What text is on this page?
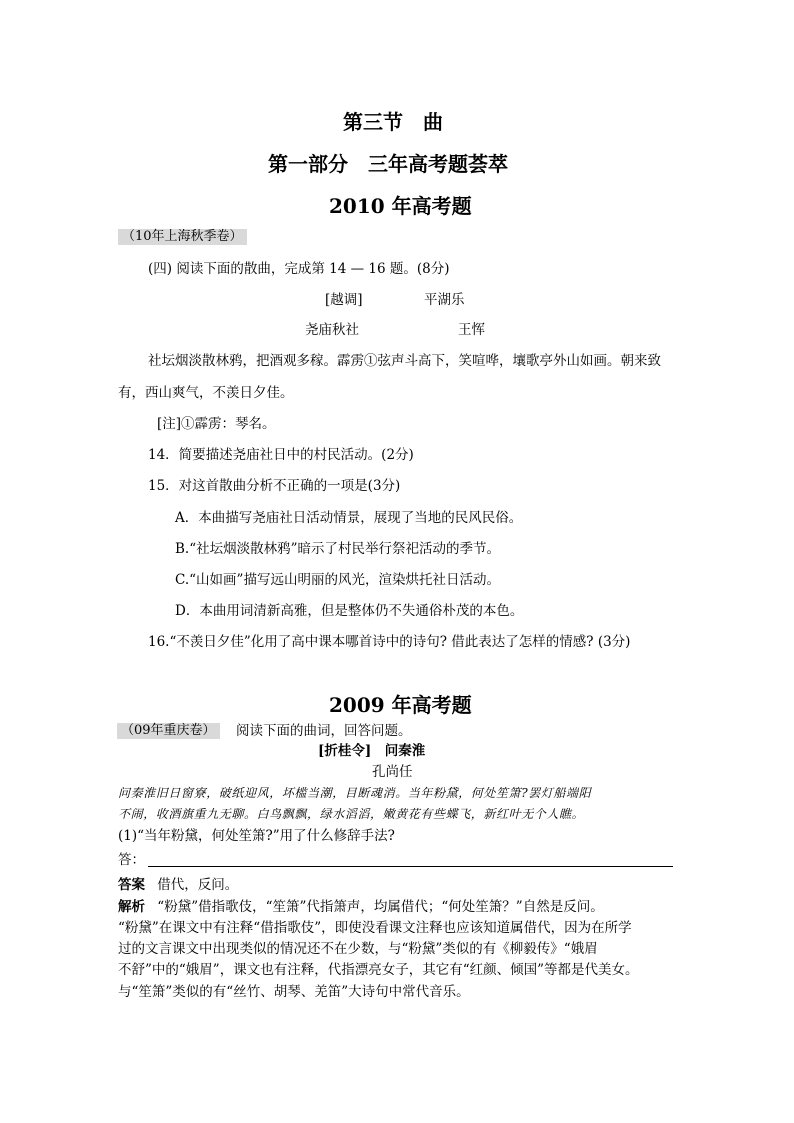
第三节　曲
第一部分　三年高考题荟萃
2010 年高考题
（10年上海秋季卷）
(四) 阅读下面的散曲，完成第 14 — 16 题。(8分)
[越调]	平湖乐
尧庙秋社	王恽
社坛烟淡散林鸦，把酒观多稼。霹雳①弦声斗高下，笑喧哗，壤歌亭外山如画。朝来致
有，西山爽气，不羡日夕佳。
[注]①霹雳：琴名。
14．简要描述尧庙社日中的村民活动。(2分)
15．对这首散曲分析不正确的一项是(3分)
A．本曲描写尧庙社日活动情景，展现了当地的民风民俗。
B.“社坛烟淡散林鸦”暗示了村民举行祭祀活动的季节。
C.“山如画”描写远山明丽的风光，渲染烘托社日活动。
D．本曲用词清新高雅，但是整体仍不失通俗朴茂的本色。
16.“不羡日夕佳”化用了高中课本哪首诗中的诗句? 借此表达了怎样的情感? (3分)
2009 年高考题
（09年重庆卷） 阅读下面的曲词，回答问题。
[折桂令]　问秦淮
孔尚任
问秦淮旧日窗寮，破纸迎风，坏槛当潮，目断魂消。当年粉黛，何处笙箫?罢灯船端阳
不闹，收酒旗重九无聊。白鸟飘飘，绿水滔滔，嫩黄花有些蝶飞，新红叶无个人瞧。
(1)“当年粉黛，何处笙箫?”用了什么修辞手法?
答：
答案 借代，反问。
解析 “粉黛”借指歌伎，“笙箫”代指箫声，均属借代；“何处笙箫？”自然是反问。
“粉黛”在课文中有注释“借指歌伎”，即使没看课文注释也应该知道属借代，因为在所学
过的文言课文中出现类似的情况还不在少数，与“粉黛”类似的有《柳毅传》“娥眉
不舒”中的“娥眉”，课文也有注释，代指漂亮女子，其它有“红颜、倾国”等都是代美女。
与“笙箫”类似的有“丝竹、胡琴、羌笛”大诗句中常代音乐。
